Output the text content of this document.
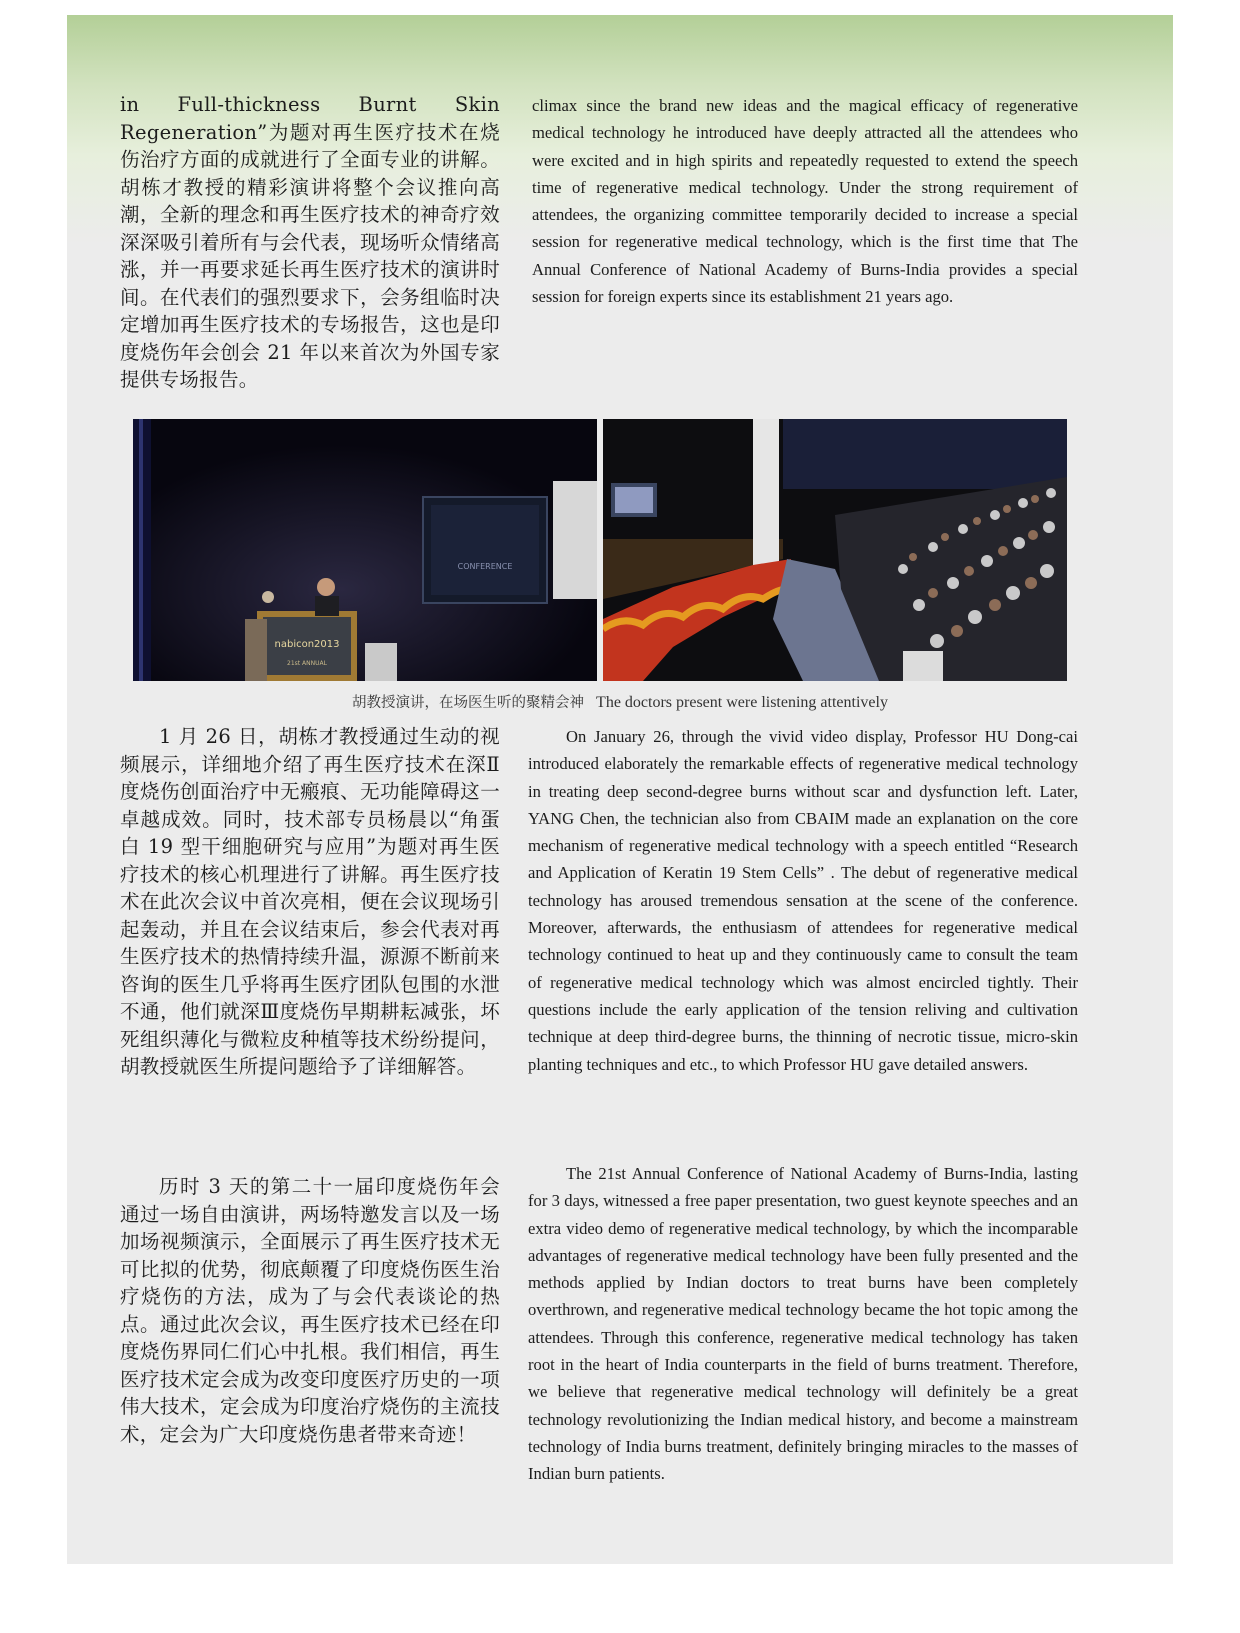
in Full-thickness Burnt Skin Regeneration”为题对再生医疗技术在烧伤治疗方面的成就进行了全面专业的讲解。胡栋才教授的精彩演讲将整个会议推向高潮，全新的理念和再生医疗技术的神奇疗效深深吸引着所有与会代表，现场听众情绪高涨，并一再要求延长再生医疗技术的演讲时间。在代表们的强烈要求下，会务组临时决定增加再生医疗技术的专场报告，这也是印度烧伤年会创会 21 年以来首次为外国专家提供专场报告。

climax since the brand new ideas and the magical efficacy of regenerative medical technology he introduced have deeply attracted all the attendees who were excited and in high spirits and repeatedly requested to extend the speech time of regenerative medical technology. Under the strong requirement of attendees, the organizing committee temporarily decided to increase a special session for regenerative medical technology, which is the first time that The Annual Conference of National Academy of Burns-India provides a special session for foreign experts since its establishment 21 years ago.

CONFERENCE
nabicon2013
21st ANNUAL

胡教授演讲，在场医生听的聚精会神 The doctors present were listening attentively

1 月 26 日，胡栋才教授通过生动的视频展示，详细地介绍了再生医疗技术在深Ⅱ度烧伤创面治疗中无瘢痕、无功能障碍这一卓越成效。同时，技术部专员杨晨以“角蛋白 19 型干细胞研究与应用”为题对再生医疗技术的核心机理进行了讲解。再生医疗技术在此次会议中首次亮相，便在会议现场引起轰动，并且在会议结束后，参会代表对再生医疗技术的热情持续升温，源源不断前来咨询的医生几乎将再生医疗团队包围的水泄不通，他们就深Ⅲ度烧伤早期耕耘减张，坏死组织薄化与微粒皮种植等技术纷纷提问，胡教授就医生所提问题给予了详细解答。

历时 3 天的第二十一届印度烧伤年会通过一场自由演讲，两场特邀发言以及一场加场视频演示，全面展示了再生医疗技术无可比拟的优势，彻底颠覆了印度烧伤医生治疗烧伤的方法，成为了与会代表谈论的热点。通过此次会议，再生医疗技术已经在印度烧伤界同仁们心中扎根。我们相信，再生医疗技术定会成为改变印度医疗历史的一项伟大技术，定会成为印度治疗烧伤的主流技术，定会为广大印度烧伤患者带来奇迹！

On January 26, through the vivid video display, Professor HU Dong-cai introduced elaborately the remarkable effects of regenerative medical technology in treating deep second-degree burns without scar and dysfunction left. Later, YANG Chen, the technician also from CBAIM made an explanation on the core mechanism of regenerative medical technology with a speech entitled “Research and Application of Keratin 19 Stem Cells” . The debut of regenerative medical technology has aroused tremendous sensation at the scene of the conference. Moreover, afterwards, the enthusiasm of attendees for regenerative medical technology continued to heat up and they continuously came to consult the team of regenerative medical technology which was almost encircled tightly. Their questions include the early application of the tension reliving and cultivation technique at deep third-degree burns, the thinning of necrotic tissue, micro-skin planting techniques and etc., to which Professor HU gave detailed answers.

The 21st Annual Conference of National Academy of Burns-India, lasting for 3 days, witnessed a free paper presentation, two guest keynote speeches and an extra video demo of regenerative medical technology, by which the incomparable advantages of regenerative medical technology have been fully presented and the methods applied by Indian doctors to treat burns have been completely overthrown, and regenerative medical technology became the hot topic among the attendees. Through this conference, regenerative medical technology has taken root in the heart of India counterparts in the field of burns treatment. Therefore, we believe that regenerative medical technology will definitely be a great technology revolutionizing the Indian medical history, and become a mainstream technology of India burns treatment, definitely bringing miracles to the masses of Indian burn patients.
